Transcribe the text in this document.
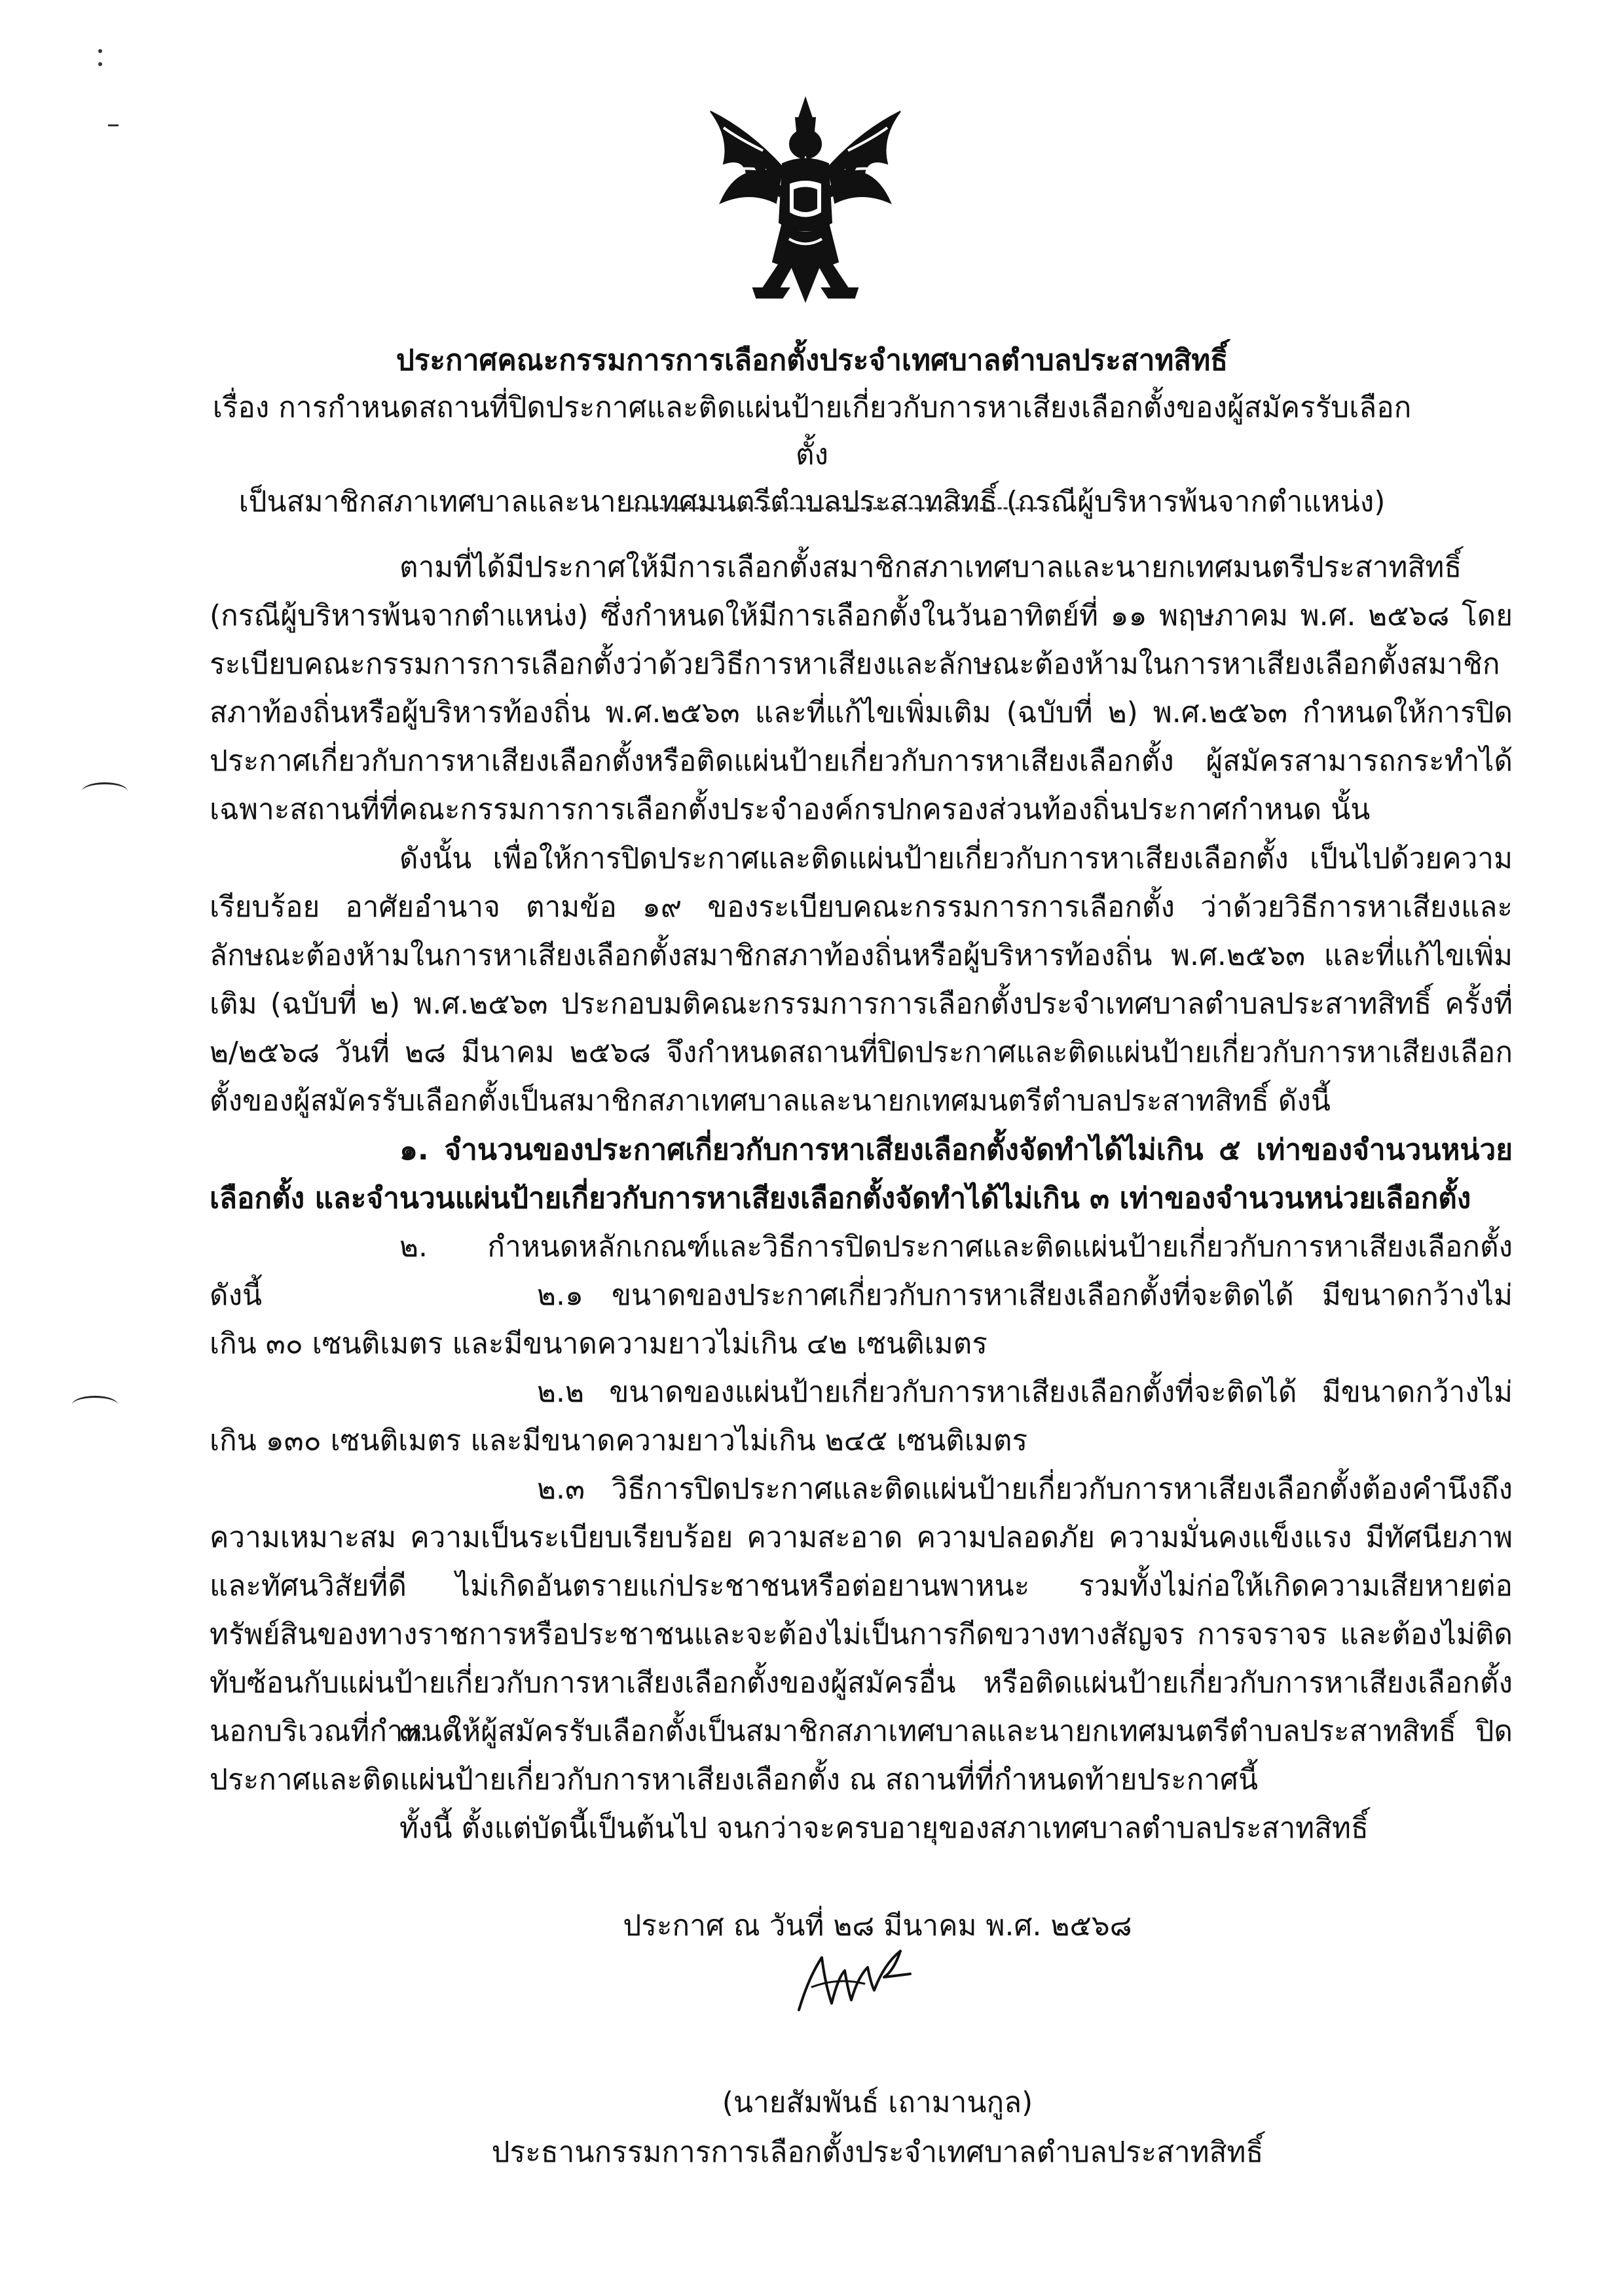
ประกาศคณะกรรมการการเลือกตั้งประจำเทศบาลตำบลประสาทสิทธิ์
เรื่อง การกำหนดสถานที่ปิดประกาศและติดแผ่นป้ายเกี่ยวกับการหาเสียงเลือกตั้งของผู้สมัครรับเลือกตั้ง
เป็นสมาชิกสภาเทศบาลและนายกเทศมนตรีตำบลประสาทสิทธิ์ (กรณีผู้บริหารพ้นจากตำแหน่ง)

ตามที่ได้มีประกาศให้มีการเลือกตั้งสมาชิกสภาเทศบาลและนายกเทศมนตรีประสาทสิทธิ์ (กรณีผู้บริหารพ้นจากตำแหน่ง) ซึ่งกำหนดให้มีการเลือกตั้งในวันอาทิตย์ที่ ๑๑ พฤษภาคม พ.ศ. ๒๕๖๘ โดยระเบียบคณะกรรมการการเลือกตั้งว่าด้วยวิธีการหาเสียงและลักษณะต้องห้ามในการหาเสียงเลือกตั้งสมาชิกสภาท้องถิ่นหรือผู้บริหารท้องถิ่น พ.ศ.๒๕๖๓ และที่แก้ไขเพิ่มเติม (ฉบับที่ ๒) พ.ศ.๒๕๖๓ กำหนดให้การปิดประกาศเกี่ยวกับการหาเสียงเลือกตั้งหรือติดแผ่นป้ายเกี่ยวกับการหาเสียงเลือกตั้ง ผู้สมัครสามารถกระทำได้เฉพาะสถานที่ที่คณะกรรมการการเลือกตั้งประจำองค์กรปกครองส่วนท้องถิ่นประกาศกำหนด นั้น

ดังนั้น เพื่อให้การปิดประกาศและติดแผ่นป้ายเกี่ยวกับการหาเสียงเลือกตั้ง เป็นไปด้วยความเรียบร้อย อาศัยอำนาจ ตามข้อ ๑๙ ของระเบียบคณะกรรมการการเลือกตั้ง ว่าด้วยวิธีการหาเสียงและลักษณะต้องห้ามในการหาเสียงเลือกตั้งสมาชิกสภาท้องถิ่นหรือผู้บริหารท้องถิ่น พ.ศ.๒๕๖๓ และที่แก้ไขเพิ่มเติม (ฉบับที่ ๒) พ.ศ.๒๕๖๓ ประกอบมติคณะกรรมการการเลือกตั้งประจำเทศบาลตำบลประสาทสิทธิ์ ครั้งที่ ๒/๒๕๖๘ วันที่ ๒๘ มีนาคม ๒๕๖๘ จึงกำหนดสถานที่ปิดประกาศและติดแผ่นป้ายเกี่ยวกับการหาเสียงเลือกตั้งของผู้สมัครรับเลือกตั้งเป็นสมาชิกสภาเทศบาลและนายกเทศมนตรีตำบลประสาทสิทธิ์ ดังนี้

๑. จำนวนของประกาศเกี่ยวกับการหาเสียงเลือกตั้งจัดทำได้ไม่เกิน ๕ เท่าของจำนวนหน่วยเลือกตั้ง และจำนวนแผ่นป้ายเกี่ยวกับการหาเสียงเลือกตั้งจัดทำได้ไม่เกิน ๓ เท่าของจำนวนหน่วยเลือกตั้ง

๒. กำหนดหลักเกณฑ์และวิธีการปิดประกาศและติดแผ่นป้ายเกี่ยวกับการหาเสียงเลือกตั้ง ดังนี้	๒.๑ ขนาดของประกาศเกี่ยวกับการหาเสียงเลือกตั้งที่จะติดได้ มีขนาดกว้างไม่เกิน ๓๐ เซนติเมตร และมีขนาดความยาวไม่เกิน ๔๒ เซนติเมตร

๒.๒ ขนาดของแผ่นป้ายเกี่ยวกับการหาเสียงเลือกตั้งที่จะติดได้ มีขนาดกว้างไม่เกิน ๑๓๐ เซนติเมตร และมีขนาดความยาวไม่เกิน ๒๔๕ เซนติเมตร

๒.๓ วิธีการปิดประกาศและติดแผ่นป้ายเกี่ยวกับการหาเสียงเลือกตั้งต้องคำนึงถึงความเหมาะสม ความเป็นระเบียบเรียบร้อย ความสะอาด ความปลอดภัย ความมั่นคงแข็งแรง มีทัศนียภาพ และทัศนวิสัยที่ดี ไม่เกิดอันตรายแก่ประชาชนหรือต่อยานพาหนะ รวมทั้งไม่ก่อให้เกิดความเสียหายต่อทรัพย์สินของทางราชการหรือประชาชนและจะต้องไม่เป็นการกีดขวางทางสัญจร การจราจร และต้องไม่ติดทับซ้อนกับแผ่นป้ายเกี่ยวกับการหาเสียงเลือกตั้งของผู้สมัครอื่น หรือติดแผ่นป้ายเกี่ยวกับการหาเสียงเลือกตั้งนอกบริเวณที่กำหนด

๓. ให้ผู้สมัครรับเลือกตั้งเป็นสมาชิกสภาเทศบาลและนายกเทศมนตรีตำบลประสาทสิทธิ์ ปิดประกาศและติดแผ่นป้ายเกี่ยวกับการหาเสียงเลือกตั้ง ณ สถานที่ที่กำหนดท้ายประกาศนี้

ทั้งนี้ ตั้งแต่บัดนี้เป็นต้นไป จนกว่าจะครบอายุของสภาเทศบาลตำบลประสาทสิทธิ์

ประกาศ ณ วันที่ ๒๘ มีนาคม พ.ศ. ๒๕๖๘
(นายสัมพันธ์ เถามานกูล)
ประธานกรรมการการเลือกตั้งประจำเทศบาลตำบลประสาทสิทธิ์
